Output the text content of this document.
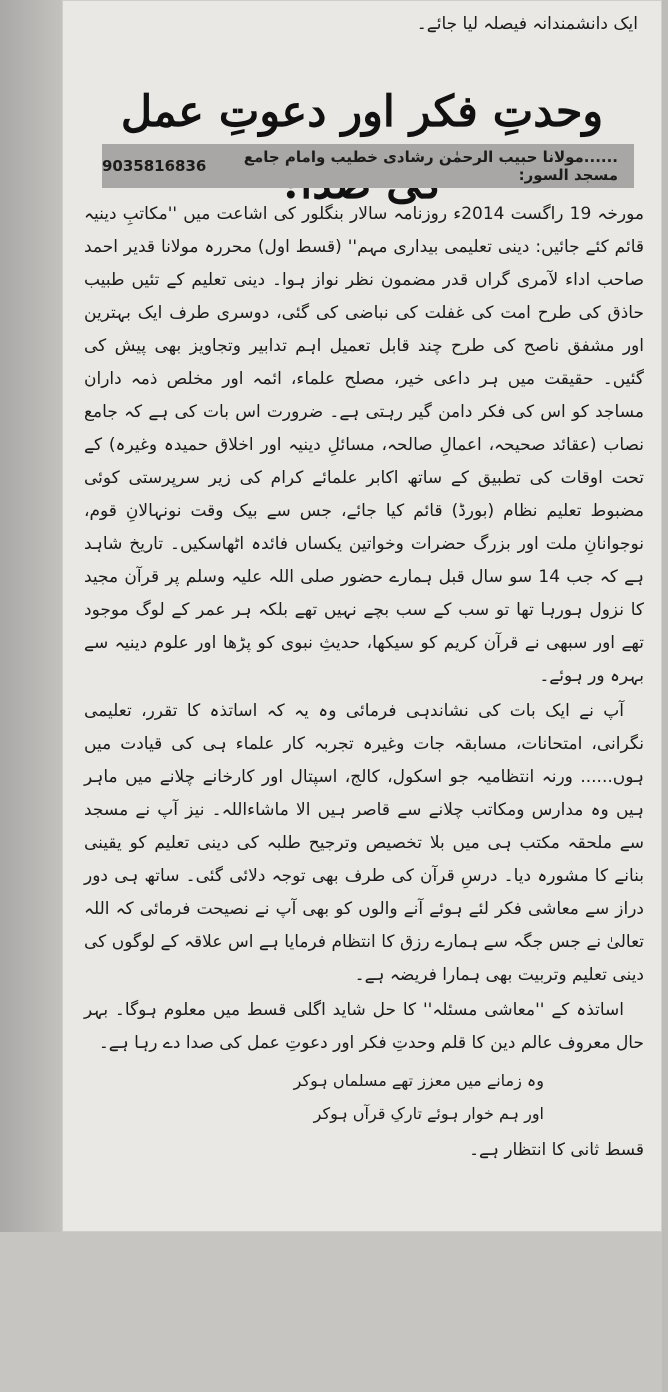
ایک دانشمندانہ فیصلہ لیا جائے۔
وحدتِ فکر اور دعوتِ عمل
......مولانا حبیب الرحمٰن رشادی خطیب وامام جامع مسجد السور:
9035816836

مورخہ 19 راگست 2014ء روزنامہ سالار بنگلور کی اشاعت میں ''مکاتبِ دینیہ قائم کئے جائیں: دینی تعلیمی بیداری مہم'' (قسط اول) محررہ مولانا قدیر احمد صاحب اداء لآمری گراں قدر مضمون نظر نواز ہوا۔ دینی تعلیم کے تئیں طبیب حاذق کی طرح امت کی غفلت کی نباضی کی گئی، دوسری طرف ایک بہترین اور مشفق ناصح کی طرح چند قابل تعمیل اہم تدابیر وتجاویز بھی پیش کی گئیں۔ حقیقت میں ہر داعی خیر، مصلح علماء، ائمہ اور مخلص ذمہ داران مساجد کو اس کی فکر دامن گیر رہتی ہے۔ ضرورت اس بات کی ہے کہ جامع نصاب (عقائد صحیحہ، اعمالِ صالحہ، مسائلِ دینیہ اور اخلاق حمیدہ وغیرہ) کے تحت اوقات کی تطبیق کے ساتھ اکابر علمائے کرام کی زیر سرپرستی کوئی مضبوط تعلیم نظام (بورڈ) قائم کیا جائے، جس سے بیک وقت نونہالانِ قوم، نوجوانانِ ملت اور بزرگ حضرات وخواتین یکساں فائدہ اٹھاسکیں۔ تاریخ شاہد ہے کہ جب 14 سو سال قبل ہمارے حضور صلی اللہ علیہ وسلم پر قرآن مجید کا نزول ہورہا تھا تو سب کے سب بچے نہیں تھے بلکہ ہر عمر کے لوگ موجود تھے اور سبھی نے قرآن کریم کو سیکھا، حدیثِ نبوی کو پڑھا اور علوم دینیہ سے بہرہ ور ہوئے۔

آپ نے ایک بات کی نشاندہی فرمائی وہ یہ کہ اساتذہ کا تقرر، تعلیمی نگرانی، امتحانات، مسابقہ جات وغیرہ تجربہ کار علماء ہی کی قیادت میں ہوں...... ورنہ انتظامیہ جو اسکول، کالج، اسپتال اور کارخانے چلانے میں ماہر ہیں وہ مدارس ومکاتب چلانے سے قاصر ہیں الا ماشاءاللہ۔ نیز آپ نے مسجد سے ملحقہ مکتب ہی میں بلا تخصیص وترجیح طلبہ کی دینی تعلیم کو یقینی بنانے کا مشورہ دیا۔ درسِ قرآن کی طرف بھی توجہ دلائی گئی۔ ساتھ ہی دور دراز سے معاشی فکر لئے ہوئے آنے والوں کو بھی آپ نے نصیحت فرمائی کہ اللہ تعالیٰ نے جس جگہ سے ہمارے رزق کا انتظام فرمایا ہے اس علاقہ کے لوگوں کی دینی تعلیم وتربیت بھی ہمارا فریضہ ہے۔

اساتذہ کے ''معاشی مسئلہ'' کا حل شاید اگلی قسط میں معلوم ہوگا۔ بہر حال معروف عالم دین کا قلم وحدتِ فکر اور دعوتِ عمل کی صدا دے رہا ہے۔

وہ زمانے میں معزز تھے مسلماں ہوکر
اور ہم خوار ہوئے تارکِ قرآں ہوکر

قسط ثانی کا انتظار ہے۔
